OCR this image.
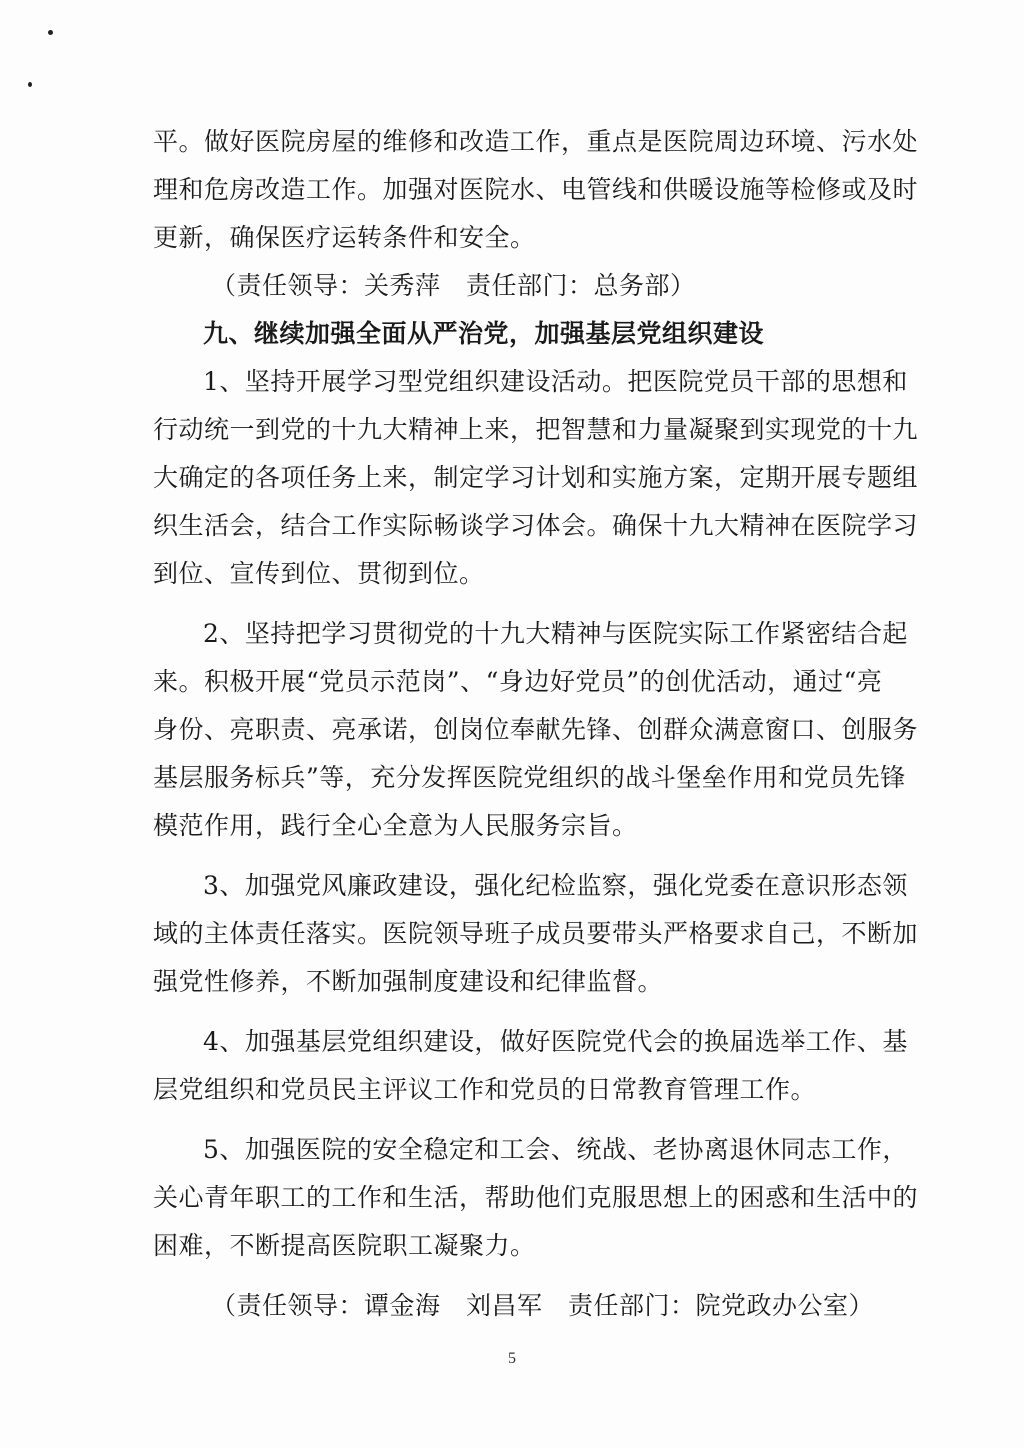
平。做好医院房屋的维修和改造工作，重点是医院周边环境、污水处
理和危房改造工作。加强对医院水、电管线和供暖设施等检修或及时
更新，确保医疗运转条件和安全。
（责任领导：关秀萍　责任部门：总务部）
九、继续加强全面从严治党，加强基层党组织建设
1、坚持开展学习型党组织建设活动。把医院党员干部的思想和
行动统一到党的十九大精神上来，把智慧和力量凝聚到实现党的十九
大确定的各项任务上来，制定学习计划和实施方案，定期开展专题组
织生活会，结合工作实际畅谈学习体会。确保十九大精神在医院学习
到位、宣传到位、贯彻到位。
2、坚持把学习贯彻党的十九大精神与医院实际工作紧密结合起
来。积极开展“党员示范岗”、“身边好党员”的创优活动，通过“亮
身份、亮职责、亮承诺，创岗位奉献先锋、创群众满意窗口、创服务
基层服务标兵”等，充分发挥医院党组织的战斗堡垒作用和党员先锋
模范作用，践行全心全意为人民服务宗旨。
3、加强党风廉政建设，强化纪检监察，强化党委在意识形态领
域的主体责任落实。医院领导班子成员要带头严格要求自己，不断加
强党性修养，不断加强制度建设和纪律监督。
4、加强基层党组织建设，做好医院党代会的换届选举工作、基
层党组织和党员民主评议工作和党员的日常教育管理工作。
5、加强医院的安全稳定和工会、统战、老协离退休同志工作，
关心青年职工的工作和生活，帮助他们克服思想上的困惑和生活中的
困难，不断提高医院职工凝聚力。
（责任领导：谭金海　刘昌军　责任部门：院党政办公室）
5
